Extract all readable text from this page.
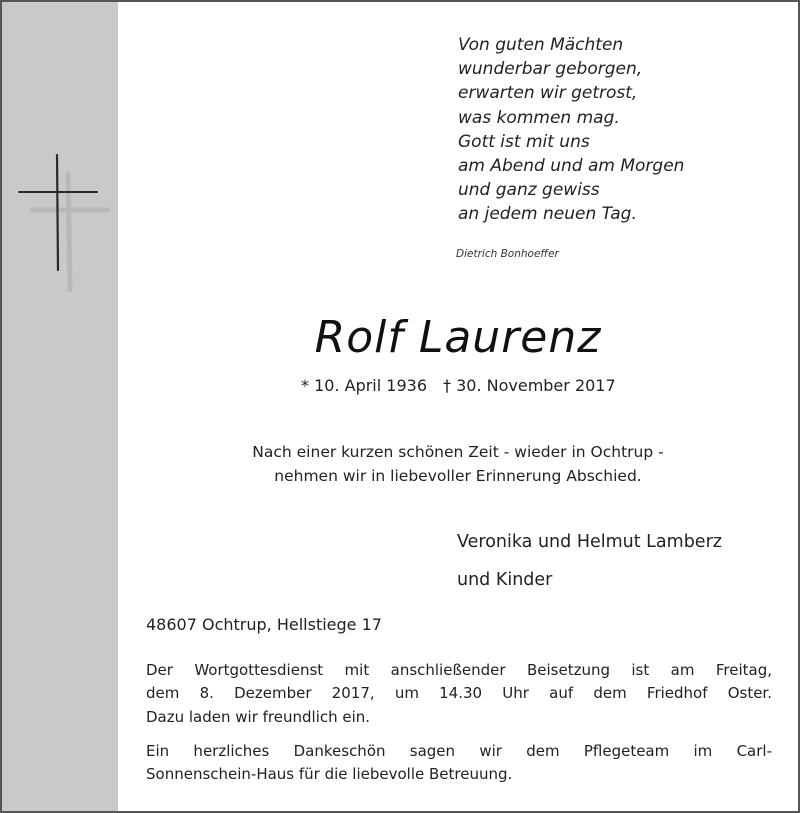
Von guten Mächten
wunderbar geborgen,
erwarten wir getrost,
was kommen mag.
Gott ist mit uns
am Abend und am Morgen
und ganz gewiss
an jedem neuen Tag.
Dietrich Bonhoeffer
Rolf Laurenz
* 10. April 1936 † 30. November 2017
Nach einer kurzen schönen Zeit - wieder in Ochtrup -
nehmen wir in liebevoller Erinnerung Abschied.
Veronika und Helmut Lamberz
und Kinder
48607 Ochtrup, Hellstiege 17
Der Wortgottesdienst mit anschließender Beisetzung ist am Freitag,
dem 8. Dezember 2017, um 14.30 Uhr auf dem Friedhof Oster.
Dazu laden wir freundlich ein.
Ein herzliches Dankeschön sagen wir dem Pflegeteam im Carl-
Sonnenschein-Haus für die liebevolle Betreuung.
